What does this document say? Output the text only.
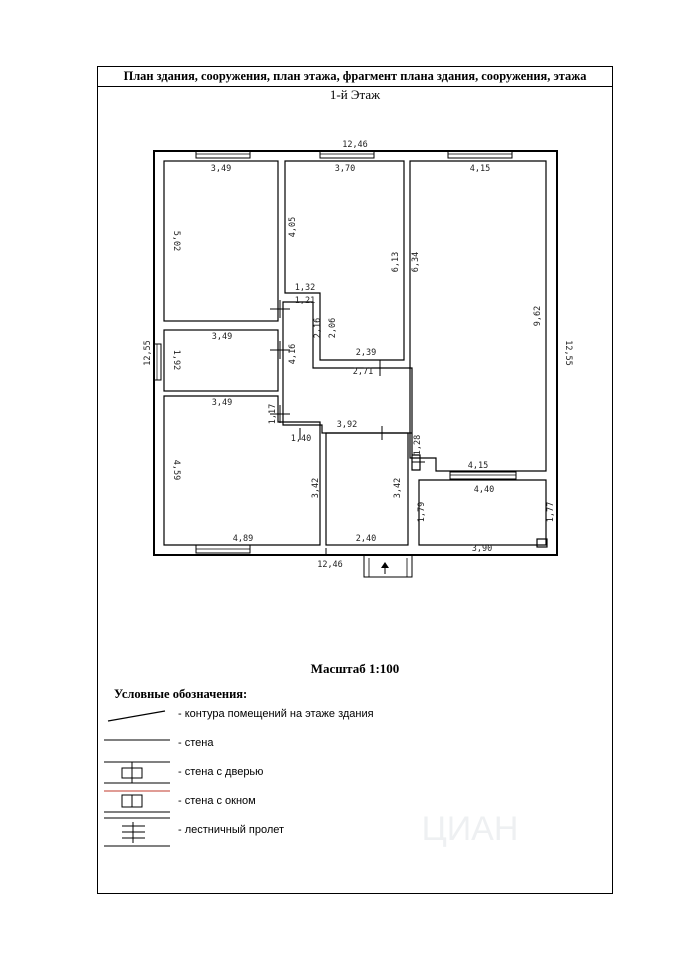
План здания, сооружения, план этажа, фрагмент плана здания, сооружения, этажа
1-й Этаж
Масштаб 1:100
Условные обозначения:
- контура помещений на этаже здания
- стена
- стена с дверью
- стена с окном
- лестничный пролет
12,46
3,49	3,70	4,15
1,32
1,21
3,49
2,39
2,71
3,49
3,92
1,40
4,15
4,40
4,89	2,40
3,90
12,46
12,55	12,55
5,02
4,05
6,13 6,34
9,62
2,16 2,06
1,92	4,16
1,17
1,28
4,59
3,42	3,42
1,79	1,77
ЦИАН
